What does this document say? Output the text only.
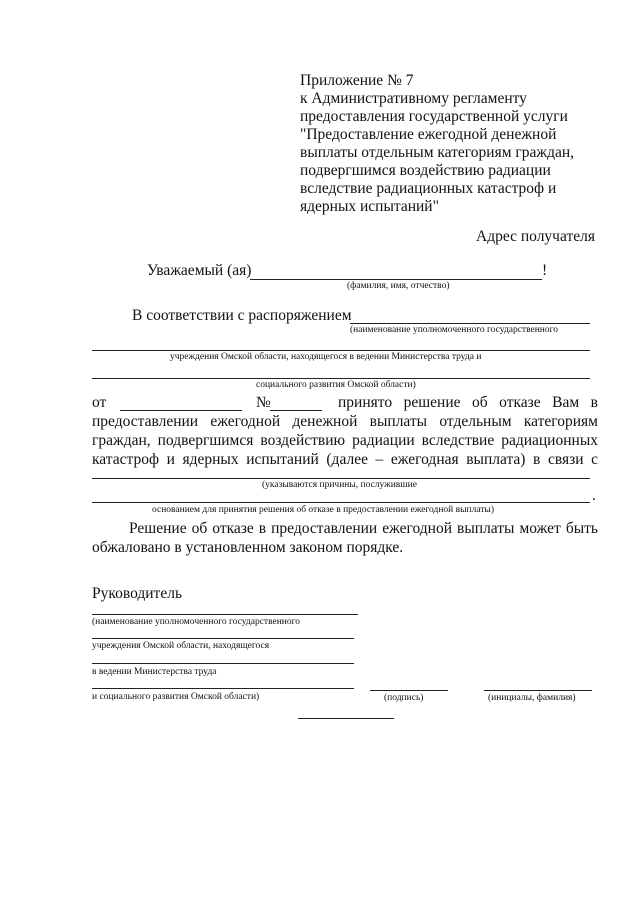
Приложение № 7
к Административному регламенту
предоставления государственной услуги
"Предоставление ежегодной денежной
выплаты отдельным категориям граждан,
подвергшимся воздействию радиации
вследствие радиационных катастроф и
ядерных испытаний"
Адрес получателя
Уважаемый (ая)	!
(фамилия, имя, отчество)
В соответствии с распоряжением
(наименование уполномоченного государственного
учреждения Омской области, находящегося в ведении Министерства труда и
социального развития Омской области)
от	№	принято решение об отказе Вам в
предоставлении ежегодной денежной выплаты отдельным категориям
граждан, подвергшимся воздействию радиации вследствие радиационных
катастроф и ядерных испытаний (далее – ежегодная выплата) в связи с
(указываются причины, послужившие
.
основанием для принятия решения об отказе в предоставлении ежегодной выплаты)
Решение об отказе в предоставлении ежегодной выплаты может быть
обжаловано в установленном законом порядке.
Руководитель
(наименование уполномоченного государственного
учреждения Омской области, находящегося
в ведении Министерства труда
и социального развития Омской области)	(подпись)	(инициалы, фамилия)
